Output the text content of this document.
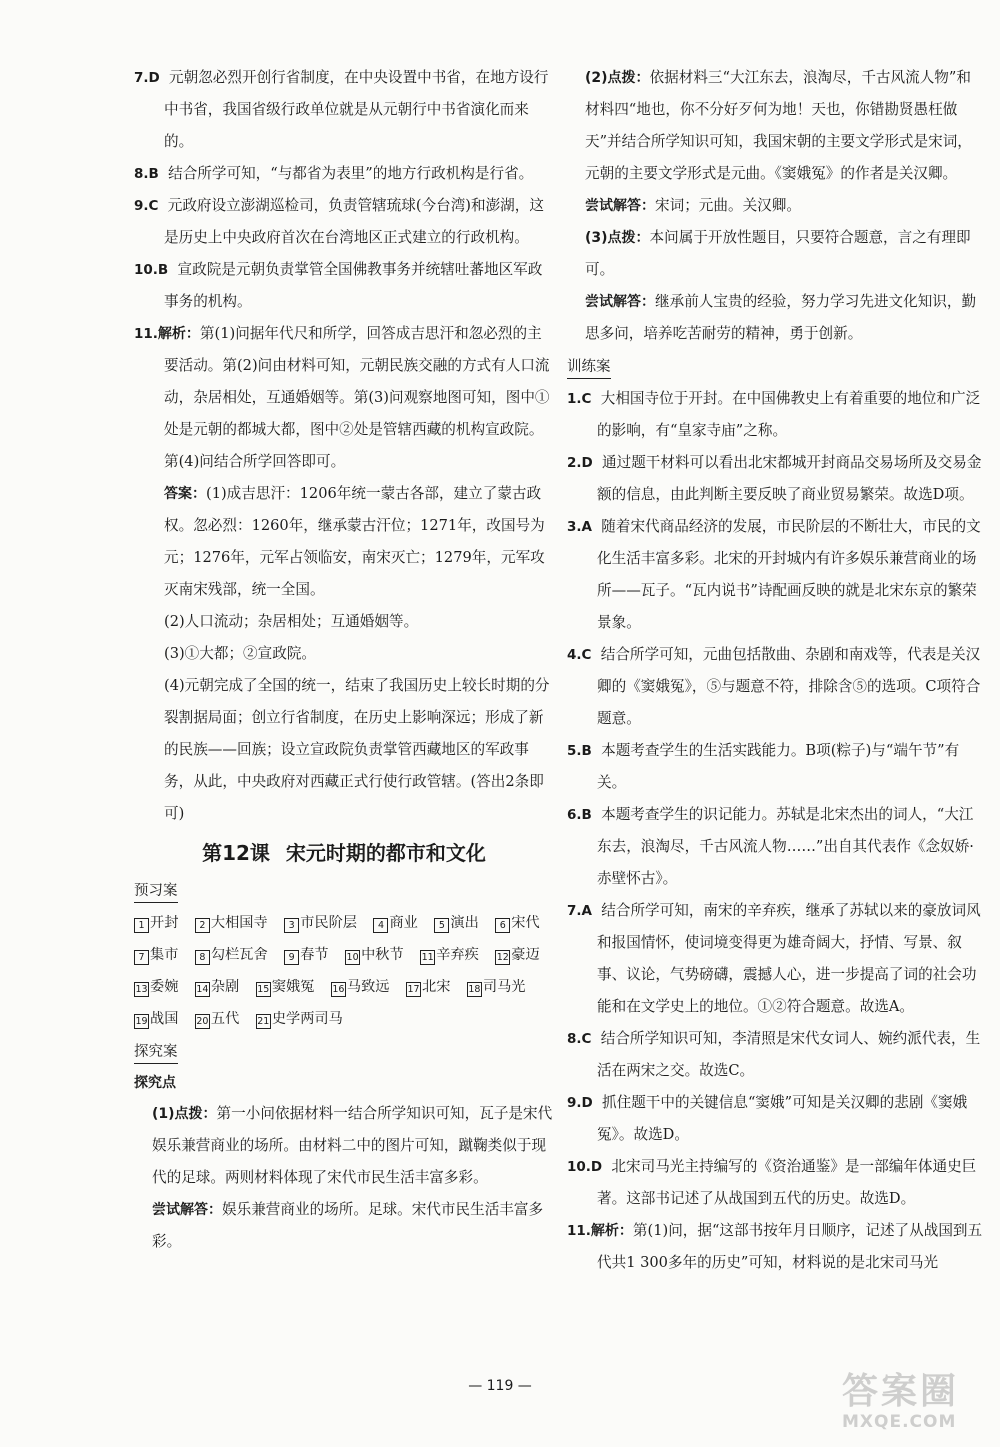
7.D 元朝忽必烈开创行省制度，在中央设置中书省，在地方设行中书省，我国省级行政单位就是从元朝行中书省演化而来的。

8.B 结合所学可知，“与都省为表里”的地方行政机构是行省。

9.C 元政府设立澎湖巡检司，负责管辖琉球(今台湾)和澎湖，这是历史上中央政府首次在台湾地区正式建立的行政机构。

10.B 宣政院是元朝负责掌管全国佛教事务并统辖吐蕃地区军政事务的机构。

11.解析：第(1)问据年代尺和所学，回答成吉思汗和忽必烈的主要活动。第(2)问由材料可知，元朝民族交融的方式有人口流动，杂居相处，互通婚姻等。第(3)问观察地图可知，图中①处是元朝的都城大都，图中②处是管辖西藏的机构宣政院。第(4)问结合所学回答即可。

答案：(1)成吉思汗：1206年统一蒙古各部，建立了蒙古政权。忽必烈：1260年，继承蒙古汗位；1271年，改国号为元；1276年，元军占领临安，南宋灭亡；1279年，元军攻灭南宋残部，统一全国。

(2)人口流动；杂居相处；互通婚姻等。

(3)①大都；②宣政院。

(4)元朝完成了全国的统一，结束了我国历史上较长时期的分裂割据局面；创立行省制度，在历史上影响深远；形成了新的民族——回族；设立宣政院负责掌管西藏地区的军政事务，从此，中央政府对西藏正式行使行政管辖。(答出2条即可)

第12课 宋元时期的都市和文化
预习案
1 开封 2 大相国寺 3 市民阶层 4 商业 5 演出 6 宋代 7 集市 8 勾栏瓦舍 9 春节 10 中秋节 11 辛弃疾 12 豪迈 13 委婉 14 杂剧 15 窦娥冤 16 马致远 17 北宋 18 司马光 19 战国 20 五代 21 史学两司马
探究案
探究点

(1)点拨：第一小问依据材料一结合所学知识可知，瓦子是宋代娱乐兼营商业的场所。由材料二中的图片可知，蹴鞠类似于现代的足球。两则材料体现了宋代市民生活丰富多彩。

尝试解答：娱乐兼营商业的场所。足球。宋代市民生活丰富多彩。

(2)点拨：依据材料三“大江东去，浪淘尽，千古风流人物”和材料四“地也，你不分好歹何为地！天也，你错勘贤愚枉做天”并结合所学知识可知，我国宋朝的主要文学形式是宋词，元朝的主要文学形式是元曲。《窦娥冤》的作者是关汉卿。

尝试解答：宋词；元曲。关汉卿。

(3)点拨：本问属于开放性题目，只要符合题意，言之有理即可。

尝试解答：继承前人宝贵的经验，努力学习先进文化知识，勤思多问，培养吃苦耐劳的精神，勇于创新。

训练案

1.C 大相国寺位于开封。在中国佛教史上有着重要的地位和广泛的影响，有“皇家寺庙”之称。

2.D 通过题干材料可以看出北宋都城开封商品交易场所及交易金额的信息，由此判断主要反映了商业贸易繁荣。故选D项。

3.A 随着宋代商品经济的发展，市民阶层的不断壮大，市民的文化生活丰富多彩。北宋的开封城内有许多娱乐兼营商业的场所——瓦子。“瓦内说书”诗配画反映的就是北宋东京的繁荣景象。

4.C 结合所学可知，元曲包括散曲、杂剧和南戏等，代表是关汉卿的《窦娥冤》，⑤与题意不符，排除含⑤的选项。C项符合题意。

5.B 本题考查学生的生活实践能力。B项(粽子)与“端午节”有关。

6.B 本题考查学生的识记能力。苏轼是北宋杰出的词人，“大江东去，浪淘尽，千古风流人物……”出自其代表作《念奴娇·赤壁怀古》。

7.A 结合所学可知，南宋的辛弃疾，继承了苏轼以来的豪放词风和报国情怀，使词境变得更为雄奇阔大，抒情、写景、叙事、议论，气势磅礴，震撼人心，进一步提高了词的社会功能和在文学史上的地位。①②符合题意。故选A。

8.C 结合所学知识可知，李清照是宋代女词人、婉约派代表，生活在两宋之交。故选C。

9.D 抓住题干中的关键信息“窦娥”可知是关汉卿的悲剧《窦娥冤》。故选D。

10.D 北宋司马光主持编写的《资治通鉴》是一部编年体通史巨著。这部书记述了从战国到五代的历史。故选D。

11.解析：第(1)问，据“这部书按年月日顺序，记述了从战国到五代共1 300多年的历史”可知，材料说的是北宋司马光

— 119 —	答案圈
MXQE.COM
